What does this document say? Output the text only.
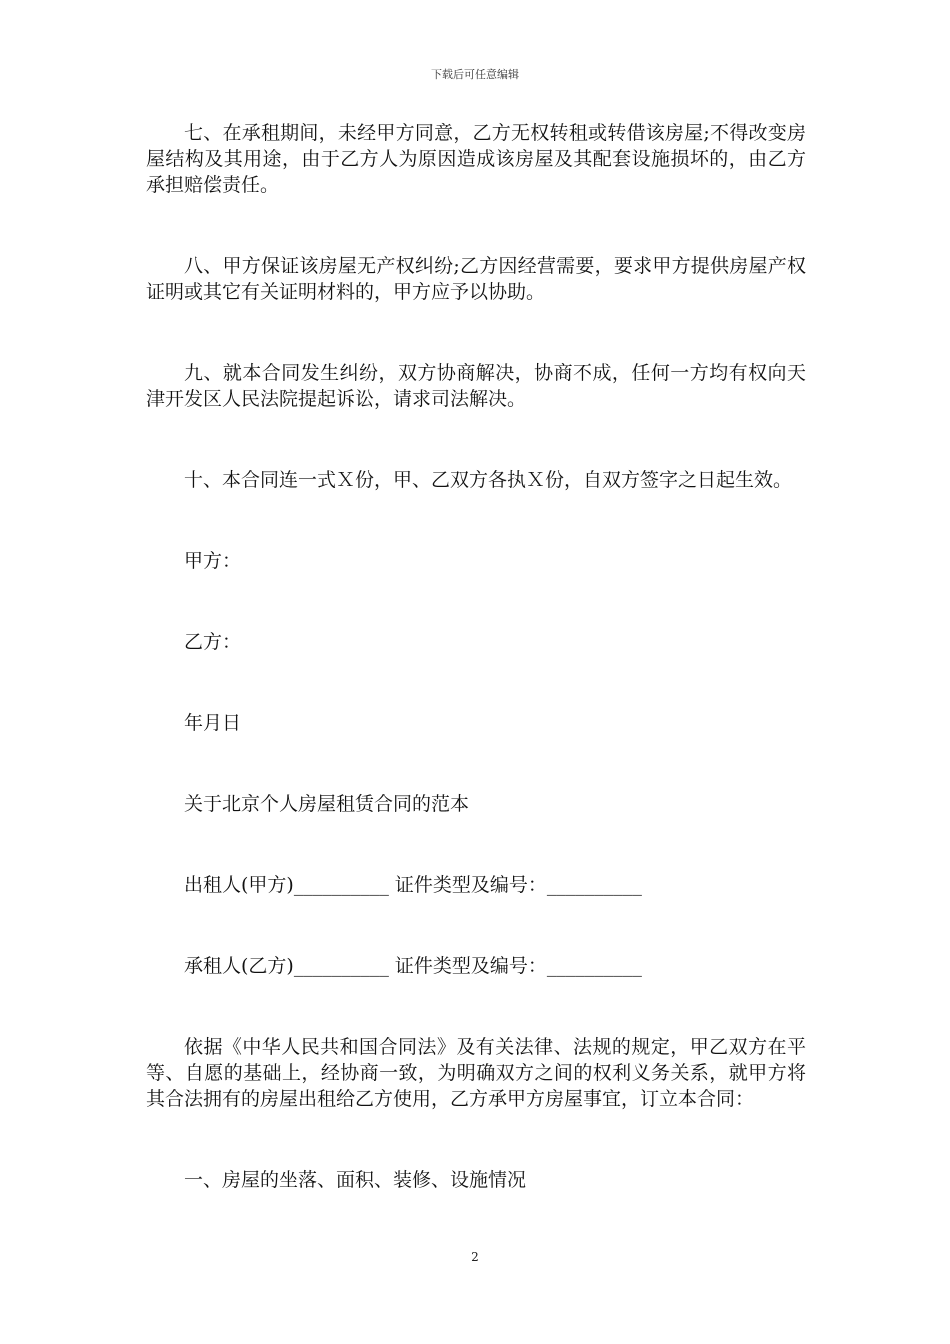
下载后可任意编辑

七、在承租期间，未经甲方同意，乙方无权转租或转借该房屋;不得改变房屋结构及其用途，由于乙方人为原因造成该房屋及其配套设施损坏的，由乙方承担赔偿责任。

八、甲方保证该房屋无产权纠纷;乙方因经营需要，要求甲方提供房屋产权证明或其它有关证明材料的，甲方应予以协助。

九、就本合同发生纠纷，双方协商解决，协商不成，任何一方均有权向天津开发区人民法院提起诉讼，请求司法解决。

十、本合同连一式Ｘ份，甲、乙双方各执Ｘ份，自双方签字之日起生效。

甲方：

乙方：

年月日

关于北京个人房屋租赁合同的范本

出租人(甲方)__________ 证件类型及编号：__________

承租人(乙方)__________ 证件类型及编号：__________

依据《中华人民共和国合同法》及有关法律、法规的规定，甲乙双方在平等、自愿的基础上，经协商一致，为明确双方之间的权利义务关系，就甲方将其合法拥有的房屋出租给乙方使用，乙方承甲方房屋事宜，订立本合同：

一、房屋的坐落、面积、装修、设施情况

2
